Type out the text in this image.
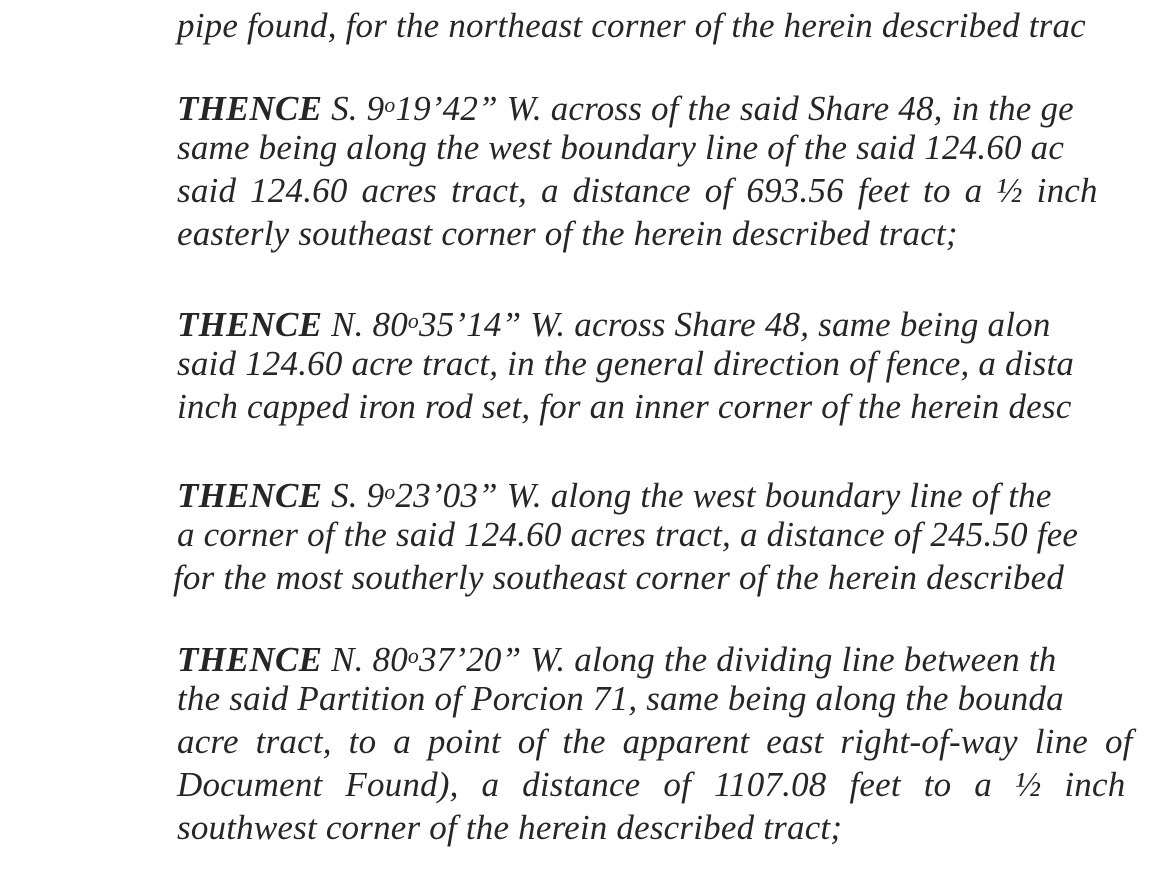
pipe found, for the northeast corner of the herein described trac
THENCE S. 9$^o$19’42” W. across of the said Share 48, in the ge
same being along the west boundary line of the said 124.60 ac
said 124.60 acres tract, a distance of 693.56 feet to a ½ inch
easterly southeast corner of the herein described tract;
THENCE N. 80$^o$35’14” W. across Share 48, same being alon
said 124.60 acre tract, in the general direction of fence, a dista
inch capped iron rod set, for an inner corner of the herein desc
THENCE S. 9$^o$23’03” W. along the west boundary line of the
a corner of the said 124.60 acres tract, a distance of 245.50 fee
for the most southerly southeast corner of the herein described
THENCE N. 80$^o$37’20” W. along the dividing line between th
the said Partition of Porcion 71, same being along the bounda
acre tract, to a point of the apparent east right-of-way line of
Document Found), a distance of 1107.08 feet to a ½ inch
southwest corner of the herein described tract;
